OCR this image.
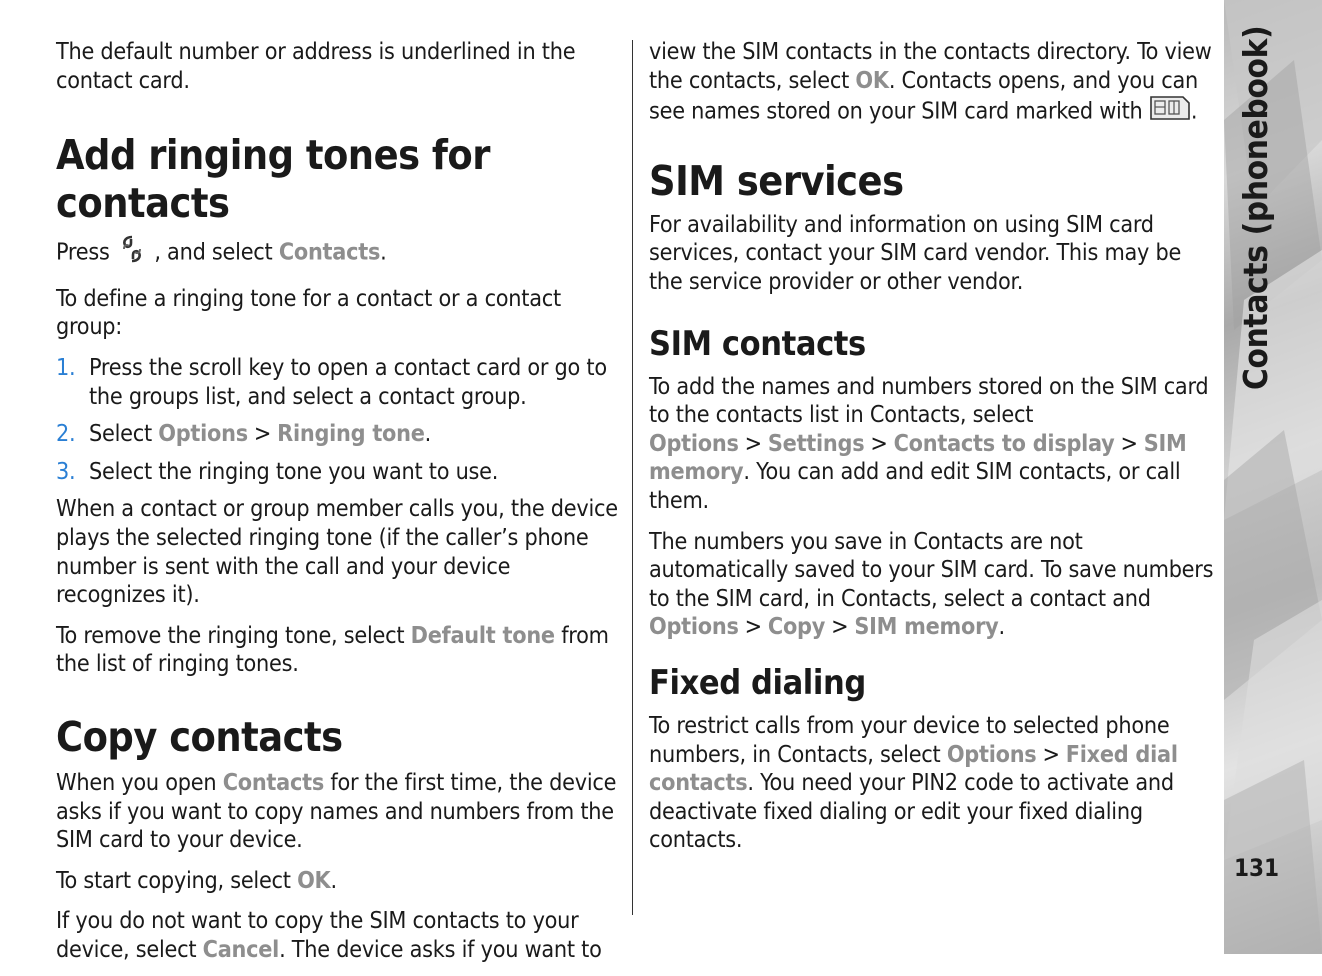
The default number or address is underlined in the contact card.

Add ringing tones for contacts

Press , and select Contacts.

To define a ringing tone for a contact or a contact group:

1. Press the scroll key to open a contact card or go to the groups list, and select a contact group.
2. Select Options > Ringing tone.
3. Select the ringing tone you want to use.

When a contact or group member calls you, the device plays the selected ringing tone (if the caller’s phone number is sent with the call and your device recognizes it).

To remove the ringing tone, select Default tone from the list of ringing tones.

Copy contacts

When you open Contacts for the first time, the device asks if you want to copy names and numbers from the SIM card to your device.

To start copying, select OK.

If you do not want to copy the SIM contacts to your device, select Cancel. The device asks if you want to

view the SIM contacts in the contacts directory. To view the contacts, select OK. Contacts opens, and you can see names stored on your SIM card marked with .

SIM services

For availability and information on using SIM card services, contact your SIM card vendor. This may be the service provider or other vendor.

SIM contacts

To add the names and numbers stored on the SIM card to the contacts list in Contacts, select Options > Settings > Contacts to display > SIM memory. You can add and edit SIM contacts, or call them.

The numbers you save in Contacts are not automatically saved to your SIM card. To save numbers to the SIM card, in Contacts, select a contact and Options > Copy > SIM memory.

Fixed dialing

To restrict calls from your device to selected phone numbers, in Contacts, select Options > Fixed dial contacts. You need your PIN2 code to activate and deactivate fixed dialing or edit your fixed dialing contacts.

Contacts (phonebook)
131
